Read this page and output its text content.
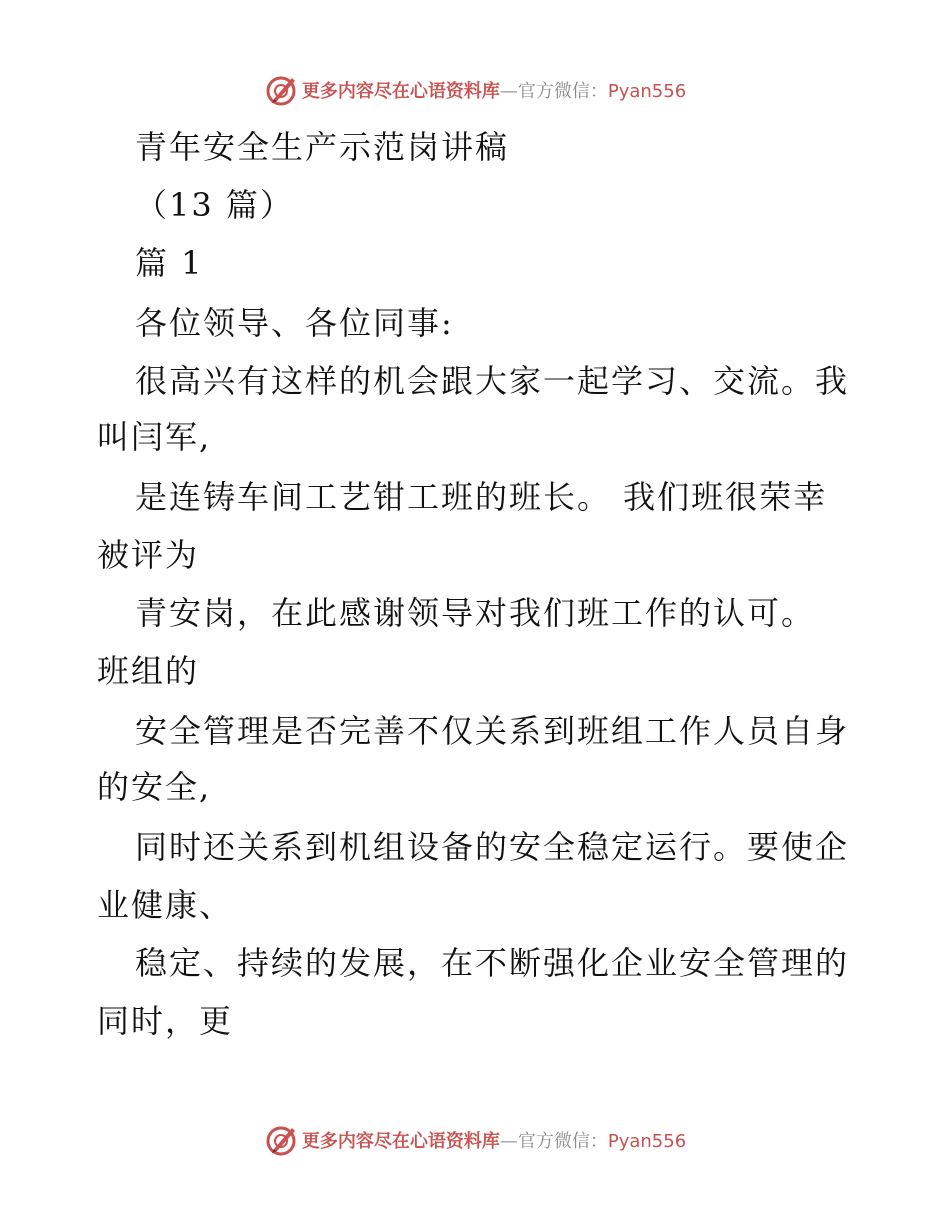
更多内容尽在心语资料库—官方微信：Pyan556
青年安全生产示范岗讲稿
（13 篇）
篇 1
各位领导、各位同事:
很高兴有这样的机会跟大家一起学习、交流。我
叫闫军,
是连铸车间工艺钳工班的班长。 我们班很荣幸
被评为
青安岗，在此感谢领导对我们班工作的认可。
班组的
安全管理是否完善不仅关系到班组工作人员自身
的安全,
同时还关系到机组设备的安全稳定运行。要使企
业健康、
稳定、持续的发展，在不断强化企业安全管理的
同时，更
更多内容尽在心语资料库—官方微信：Pyan556
